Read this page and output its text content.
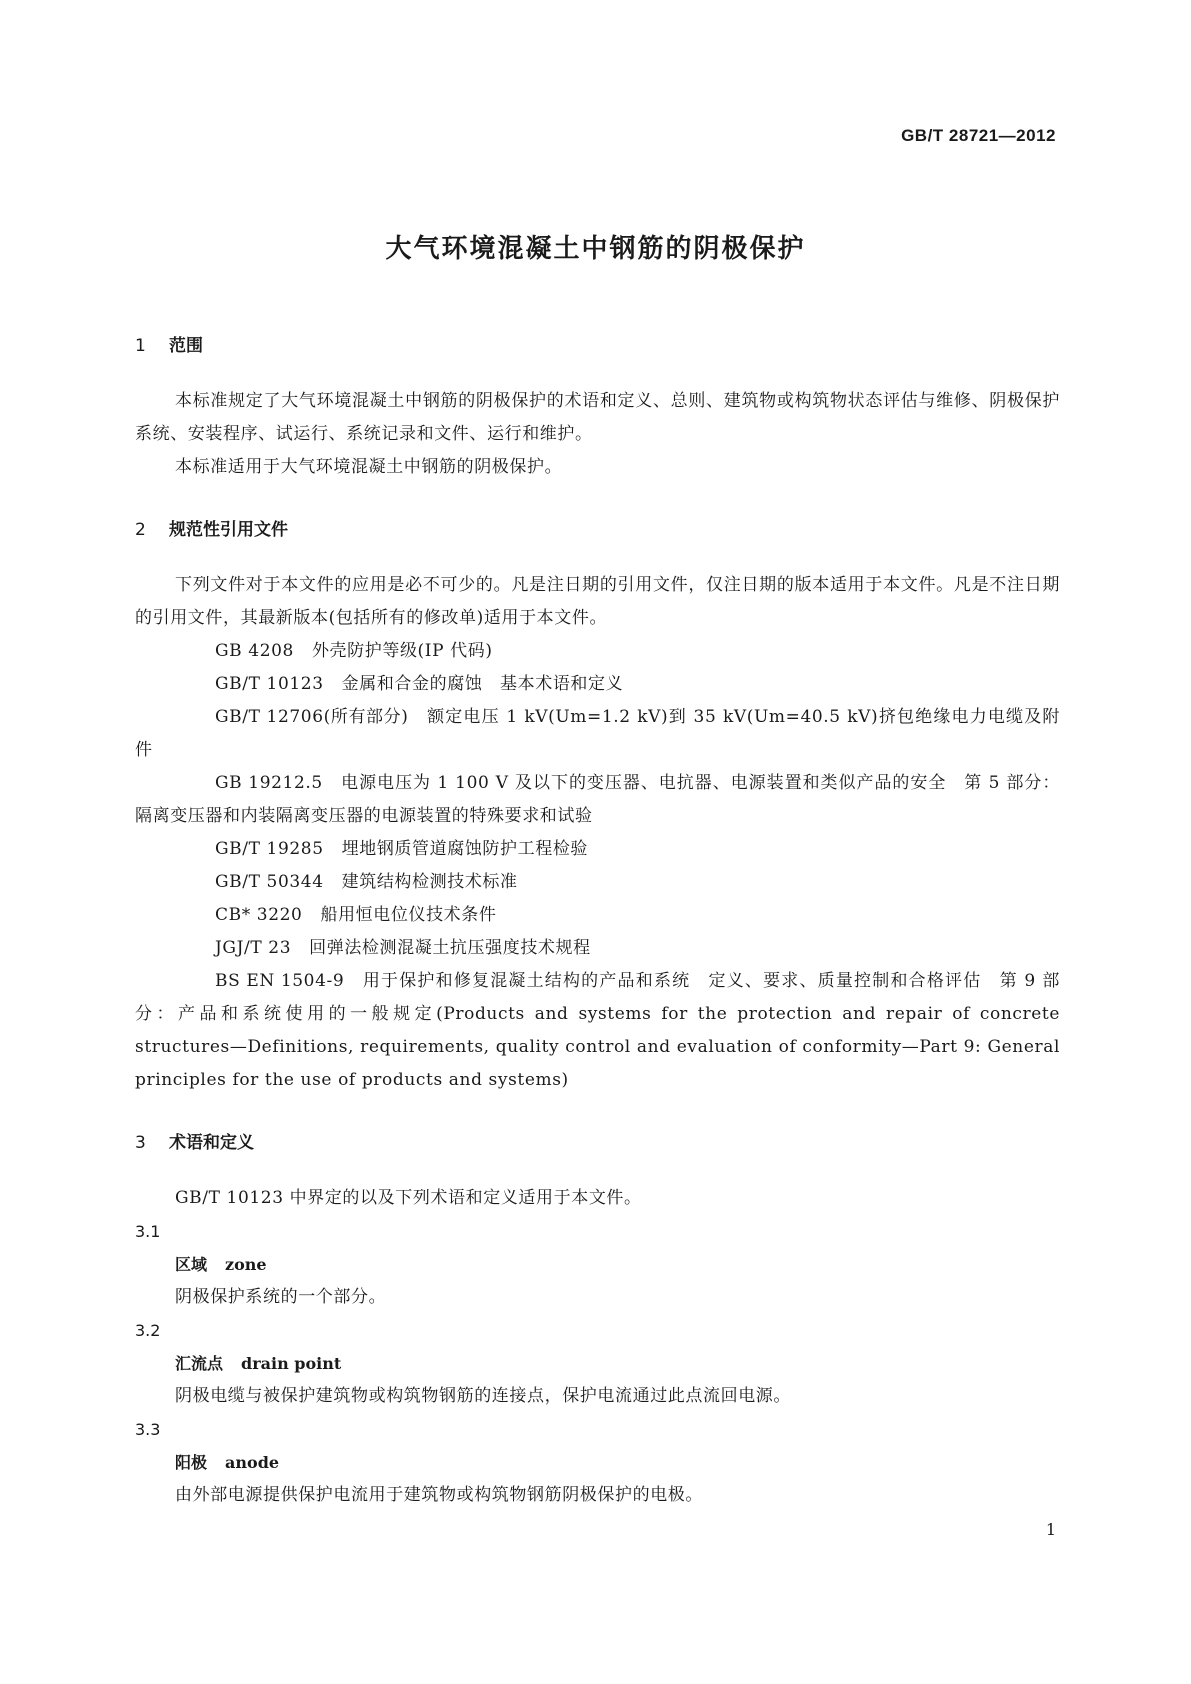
GB/T 28721—2012
大气环境混凝土中钢筋的阴极保护
1 范围

本标准规定了大气环境混凝土中钢筋的阴极保护的术语和定义、总则、建筑物或构筑物状态评估与维修、阴极保护系统、安装程序、试运行、系统记录和文件、运行和维护。

本标准适用于大气环境混凝土中钢筋的阴极保护。

2 规范性引用文件

下列文件对于本文件的应用是必不可少的。凡是注日期的引用文件，仅注日期的版本适用于本文件。凡是不注日期的引用文件，其最新版本(包括所有的修改单)适用于本文件。

GB 4208 外壳防护等级(IP 代码)

GB/T 10123 金属和合金的腐蚀　基本术语和定义

GB/T 12706(所有部分) 额定电压 1 kV(Um=1.2 kV)到 35 kV(Um=40.5 kV)挤包绝缘电力电缆及附件

GB 19212.5 电源电压为 1 100 V 及以下的变压器、电抗器、电源装置和类似产品的安全　第 5 部分：隔离变压器和内装隔离变压器的电源装置的特殊要求和试验

GB/T 19285 埋地钢质管道腐蚀防护工程检验

GB/T 50344 建筑结构检测技术标准

CB* 3220 船用恒电位仪技术条件

JGJ/T 23 回弹法检测混凝土抗压强度技术规程

BS EN 1504-9 用于保护和修复混凝土结构的产品和系统　定义、要求、质量控制和合格评估　第 9 部分：产品和系统使用的一般规定(Products and systems for the protection and repair of concrete structures—Definitions, requirements, quality control and evaluation of conformity—Part 9: General principles for the use of products and systems)

3 术语和定义

GB/T 10123 中界定的以及下列术语和定义适用于本文件。

3.1
区域 zone
阴极保护系统的一个部分。
3.2
汇流点 drain point
阴极电缆与被保护建筑物或构筑物钢筋的连接点，保护电流通过此点流回电源。
3.3
阳极 anode
由外部电源提供保护电流用于建筑物或构筑物钢筋阴极保护的电极。
1
